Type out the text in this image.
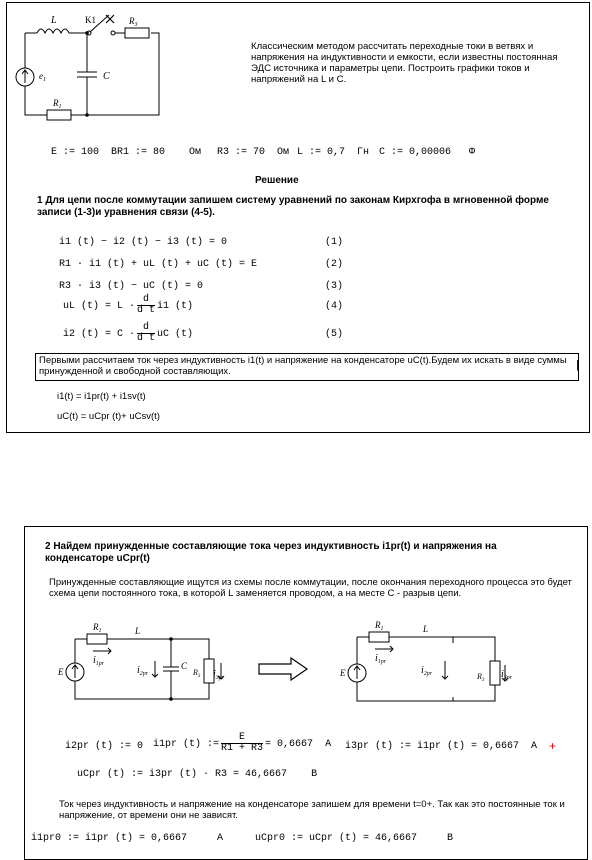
L	K1	$R_3$
C
$e_1$
$R_1$
Классическим методом рассчитать переходные токи в ветвях и напряжения на индуктивности и емкости, если известны постоянная ЭДС источника и параметры цепи. Построить графики токов и напряжений на L и C.
E := 100 В R1 := 80 Ом R3 := 70 Ом L := 0,7 Гн C := 0,00006 Ф
Решение
1 Для цепи после коммутации запишем систему уравнений по законам Кирхгофа в мгновенной форме записи (1-3)и уравнения связи (4-5).
i1 (t) − i2 (t) − i3 (t) = 0
R1 · i1 (t) + uL (t) + uC (t) = E
R3 · i3 (t) − uC (t) = 0
uL $(t) = L \cdot \frac{d}{\text{d t}} i1$ (t)
i2 $(t) = C \cdot \frac{d}{\text{d t}}$ uC (t)
(1)
(2)
(3)
(4)
(5)
Первыми рассчитаем ток через индуктивность i1(t) и напряжение на конденсаторе uC(t).Будем их искать в виде суммы принужденной и свободной составляющих.
|
i1(t) = i1pr(t) + i1sv(t)
uC(t) = uCpr (t)+ uCsv(t)
2 Найдем принужденные составляющие тока через индуктивность i1pr(t) и напряжения на конденсаторе uCpr(t)
Принужденные составляющие ищутся из схемы после коммутации, после окончания переходного процесса это будет схема цепи постоянного тока, в которой L заменяется проводом, а на месте C - разрыв цепи.
$R_1$	L
E
$i_{1pr}$
$i_{2pr}$
C
$R_3$ $i_{3pr}$
$R_1$	L
E
$i_{1pr}$
$i_{2pr}$	$R_3$
$i_{3pr}$
i2pr (t) := 0 i1pr (t) := $\frac{E}{R1 + R3} = 0,6667$ А i3pr (t) := i1pr (t) = 0,6667 А +
uCpr (t) := i3pr (t) · R3 = 46,6667 В
Ток через индуктивность и напряжение на конденсаторе запишем для времени t=0+. Так как это постоянные ток и напряжение, от времени они не зависят.
i1pr0 := i1pr (t) = 0,6667	А	uCpr0 := uCpr (t) = 46,6667	В
